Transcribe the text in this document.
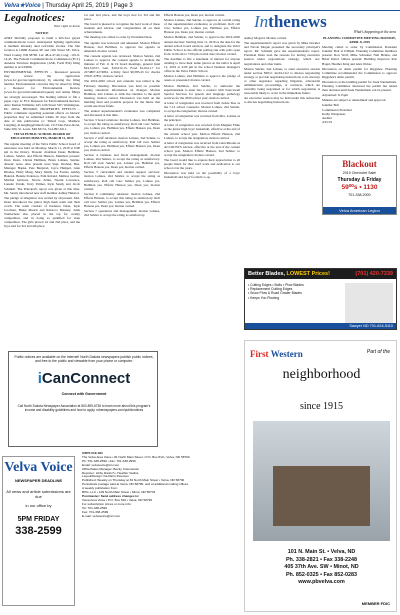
Velva★Voice | Thursday April 25, 2019 | Page 3
Legalnotices:
Your right to know

NOTICE

AT&T Mobility proposes to build a 405-foot guyed communications tower. Anticipated lighting application is medium intensity dual red/white strobes. The Site location is 14980 Avenue SE and 12th Street SE, Velva, Ward County, ND 58790. Lat: 48-4-47.40, Long: -101-8-14.45. The Federal Communications Commission (FCC) Antenna Structure Registration (ASR, Form 854) filing number is A1143096.

ENVIRONMENTAL EFFECTS – Interested persons may review the application (www.fcc.gov/asr/applications) by entering the filing number. Environmental concerns may be raised by filing a Request for Environmental Review (www.fcc.gov/environmental/request) and online filings are strongly encouraged. The mailing address to file a paper copy is: FCC Requests for Environmental Review, Attn: Ramon Williams; 445 12th Street SW; Washington, DC 20554. HISTORIC PROPERTIES EFFECTS – Public comments regarding potential effects on historic properties may be submitted within 30 days from the date of this publication to: Trileaf Corp, Matthew Lengling, m.lengling@trileaf.com, 1515 Des Peres Road, Suite 200, St. Louis, MO 63131, 314-997-6111.

VELVA PUBLIC SCHOOL BOARD OF EDUCATION MINUTES, MARCH 11, 2019

The regular meeting of the Velva Public School board of education was held on Monday, March 11, 2019 at 6:00 pm in the library. Present: chairman Dean, Hellman, Lohnes, Selzler, and Effertz Hanson. Members present: Dave Dean, Christa Hellman, Brian Lohnes, Selzler. Absent: none. Also present were Supt. Dockter, Bus. Manager Hapka, Pete Bergstad, Joyce Hempel, Glen Rhodes, Holly Maag, Mary Smith, Joe Fontes, Ashley Hakstol, Bennie Pederson, Pam Roland, Melissa Gerber, Mitchel Gibbons, Nicole Zeller, Naomi Lawrence, Lanette Unruh, Terry Palmer, Kyle Sandy and Jacob Schmidt. The Principal's report was given at this time. Ms. Sandy introduced new staff member Ashley Hakstol.

The pledge of allegiance was recited by all present. Mrs. Dean introduced the junior high math team and their coach. The team consists of Kadence Dean, Kyle Jacobsen, Blake Mauch and Rebecca Delaney. Jaiah Tremacholz also placed in the top for county competition, and in doing so qualified for state competition. The girls placed 1st and 2nd place, and the boys tied for 3rd and 4th place.

1st and 2nd place, and the boys tied for 3rd and 4th place.

The board is pleased to recognize the hard work of these students and advisor, and congratulates all on their achievements.

The meeting was called to order by President Dean.

The agenda was reviewed and amended. Motion Effertz Hanson, 2nd Hellman, to approve the agenda as amended, motion carried.

The consent agenda was reviewed. Motion Selzler, 2nd Lohnes to approve the consent agenda to include the minutes of Feb 11 & 19 board meetings, general fund $24,310.57, Gen. $10,012.15, Food $1,041.17 for 2274807-2274861, activity fund $9,583.43 for checks 27847-27851; motion carried.

The 2019-2020 school and calendar was tabled at the February meeting. Discussion was held on possible testing standards/ information on changes. Motion Hellman, 2nd Lohnes to table the calendar to the April meeting, motion carried. Discussion was held on the building fund and possible projects for the future that would use those funds.

The annual superintendent's evaluation was completed and discussed at this time.

Section 3 board relations: motion Lohnes, 2nd Hellman, to accept the rating as satisfactory. Roll call vote: Selzler yes, Lohnes yes, Hellman yes, Effertz Hanson yes, Dean yes; motion carried.

Section 2 staff relations: motion Lohnes, 2nd Selzler, to accept the rating as satisfactory. Roll call vote: Selzler yes, Lohnes yes, Hellman yes, Effertz Hanson yes, Dean yes; motion carried.

Section 4 business and fiscal management: motion Lohnes, 2nd Selzler, to accept the rating as satisfactory. Roll call vote: Selzler yes, Lohnes yes, Hellman yes, Effertz Hanson yes, Dean yes; motion carried.

Section 5 curriculum and student support services: motion Lohnes, 2nd Selzler, to accept the rating as satisfactory. Roll call vote: Selzler yes, Lohnes yes, Hellman yes, Effertz Hanson yes, Dean yes; motion carried.

Section 6 community relations: motion Lohnes, 2nd Effertz Hanson, to accept this rating as satisfactory. Roll call vote: Selzler yes, Lohnes yes, Hellman yes, Effertz Hanson yes, Dean yes; motion carried.

Section 7 operations and management: motion Lohnes, 2nd Selzler to accept the rating as satisfactory.

Effertz Hanson yes, Dean yes; motion carried.

Motion Lohnes, 2nd Selzler, to approve an overall rating of the superintendent evaluation as proficient. Roll call vote: Selzler yes, Lohnes yes, Hellman yes, Effertz Hanson yes, Dean yes; motion carried.

Motion Hellman, 2nd Selzler, to approve the 2019-2020 annual election: Starting June 11, 2019 as the date for the annual school board election, and to designate the Velva Public School as the official polling site with polls open from 11:00 am to 7:00 pm on that date; motion carried.

The deadline to file a statement of interest for anyone wishing to have their name placed on the ballot is April 12, 2019 at 4:00 pm in the school business manager's office in the Velva Public School.

Motion Lohnes, 2nd Hellman to approve the pledge of assets as presented; motion carried.

Motion Hellman, 2nd Selzler, to authorize the superintendent to enter into a contract with Sourcewell Special Services for speech and language pathology services for the 2020 school year; motion carried.

A letter of resignation was received from Jackie Doe as the 7-12 school counselor. Motion Lohnes, 2nd Selzler, to accept the resignation; motion carried.

A letter of resignation was received from Mrs. Lohnes as the principal.

A letter of resignation was received from Meghan Fiske as the junior high boys' basketball, effective at the end of the current school year. Motion Effertz Hanson, 2nd Lohnes, to accept the resignation; motion carried.

A letter of resignation was received from Glen Rhodes as ACCOUNTS advisor, effective at the end of the current school year. Motion Effertz Hanson, 2nd Selzler, to accept the resignation; motion carried.

The board would like to express their appreciation to all people listed for their hard work and dedication to our school over the years.

Discussion was held on the possibility of a boys' basketball and boys' football co-op.

Inthenews
What's happening in the area

Ashley Mogard, Motion carried.

The superintendent's report was given by Mike Dockter and Nicole Mogen presented the secondary principal's report. Mr. Schmidt gave the superintendent's report. President Dean read the reasons for having executive session under negotiations strategy, which are: negotiations and other items.

Motion Selzler, 2nd Lohnes, to enter executive session under section NDCC 44-04-19.2 to discuss negotiating strategy or provide negotiating instructions to its attorney or other negotiator regarding litigation, adversarial administrative proceedings, or contracts, which are currently being negotiated or for which negotiation is reasonably likely to occur in the immediate future.

An executive session may be held under this subsection to discuss negotiating instructions.

PLANNING COMMITTEE MEETING MONDAY, APRIL 8, 2019

Meeting called to order by Commission President Jennifer Bolt at 6:00pm. Planning Committee members present: Ron Wolf, Mike Schreiner Neil Hellen, and Brian Kittel. Others present: Building Inspector Rob Hagel, Heather King and Alex Weber.

Discussion on demo permit for Riggsbee. Planning Committee recommended the Commission to approve Riggsbee's demo permit.

Discussion on the building permit for Zeek Vandermark. Planning Committee discussed the permit but tabled their decision until Zeek Vandermark can be present.

Adjourned: 6:15pm

Minutes are subject to amendment and approval.

Jennifer Bolt

Commission President

Kathy Wangsness

Auditor

4/25/19

Public notices are available on the Internet! North Dakota newspapers publish public notices, and free to the public and viewable from your phone or computer.
iCanConnect
Connect with Government
Call North Dakota Newspaper Association at 800-899-6736 to learn more about this program's income and disability guidelines and how to apply. ndnewspapers.com/publicnotices
Velva Voice
NEWSPAPER DEADLINE
All news and article submissions are due
in our office by
5PM FRIDAY
338-2599
USPS 019-184
The Velva Area Voice • 81 North Main Street • P.O. Box 810 • Velva, ND 58790
Ph: 701-338-2599 • Fax: 701-338-2599
Email: velvavoice@srt.com
Office/Sales Manager: Becky Colemeister
Reporter: Libby Dietrich • Heather Vadnie
Layout/Design: Da Darin Peterson
Published: Weekly on Thursday at 81 North Main Street • Velva, ND 58790
Periodicals postage paid at Velva, ND 58790, and at additional mailing offices.
A weekly publication from:
BHG, LLC • 109 North Main Street • Minot, ND 58703
Postmaster: Send address changes to:
Velva Area Voice • P.O. Box 810 • Velva, ND 58790
For subscription prices or more info:
Tel: 701-338-2599
Fax: 701-338-2599
E-mail: velvavoice@srt.com
Blackout
2019 Chevrolet Sale!
Thursday & Friday
59⁰⁰s • 1130
701-338-2000
Velva American Legion
Better Blades, LOWEST Prices!	(701) 420-7339
• Cutting Edges • Bolts • Plow Blades
• Replacement Cutting Edges
• Snow Plow & Road Grader Blades
• Keeps You Plowing
Sawyer ND 701-624-5110
First Western	Part of the
neighborhood
since 1915
101 N. Main St. • Velva, ND
Ph. 338-2821 • Fax 338-2248
405 37th Ave. SW • Minot, ND
Ph. 852-0325 • Fax 852-0283
www.pbvelva.com
MEMBER FDIC
